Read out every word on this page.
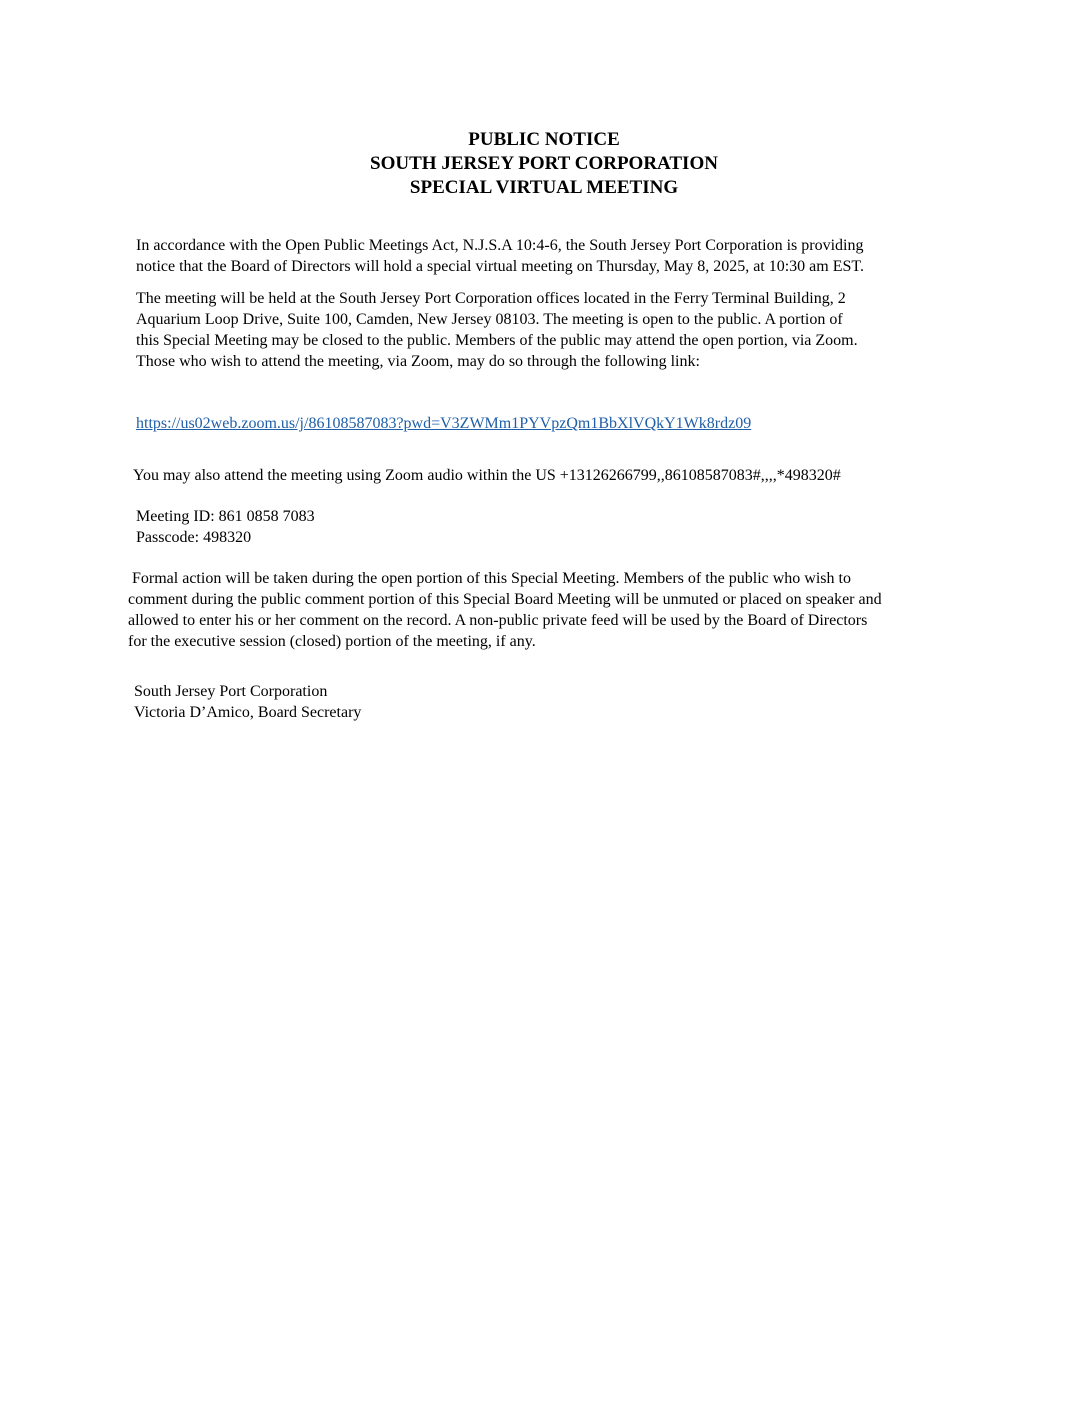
PUBLIC NOTICE
SOUTH JERSEY PORT CORPORATION
SPECIAL VIRTUAL MEETING
In accordance with the Open Public Meetings Act, N.J.S.A 10:4-6, the South Jersey Port Corporation is providing
notice that the Board of Directors will hold a special virtual meeting on Thursday, May 8, 2025, at 10:30 am EST.
The meeting will be held at the South Jersey Port Corporation offices located in the Ferry Terminal Building, 2
Aquarium Loop Drive, Suite 100, Camden, New Jersey 08103. The meeting is open to the public. A portion of
this Special Meeting may be closed to the public. Members of the public may attend the open portion, via Zoom.
Those who wish to attend the meeting, via Zoom, may do so through the following link:
https://us02web.zoom.us/j/86108587083?pwd=V3ZWMm1PYVpzQm1BbXlVQkY1Wk8rdz09
You may also attend the meeting using Zoom audio within the US +13126266799,,86108587083#,,,,*498320#
Meeting ID: 861 0858 7083
Passcode: 498320
Formal action will be taken during the open portion of this Special Meeting. Members of the public who wish to
comment during the public comment portion of this Special Board Meeting will be unmuted or placed on speaker and
allowed to enter his or her comment on the record. A non-public private feed will be used by the Board of Directors
for the executive session (closed) portion of the meeting, if any.
South Jersey Port Corporation
Victoria D’Amico, Board Secretary
